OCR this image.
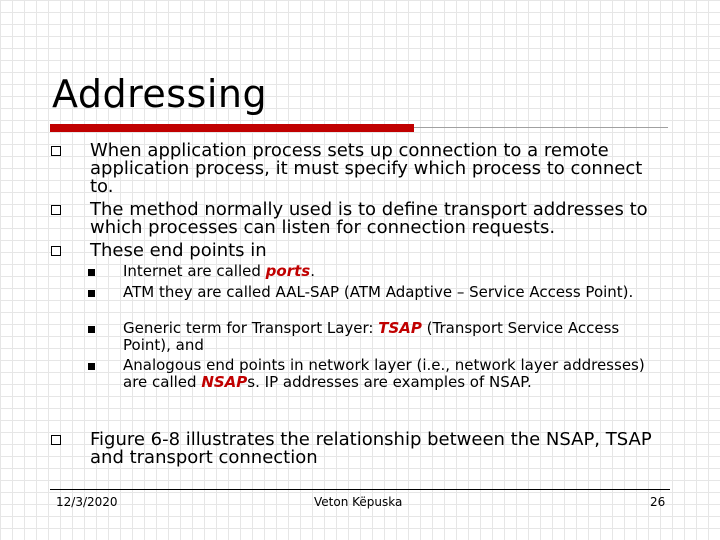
Addressing
When application process sets up connection to a remote application process, it must specify which process to connect to.
The method normally used is to define transport addresses to which processes can listen for connection requests.
These end points in
Internet are called ports.
ATM they are called AAL-SAP (ATM Adaptive – Service Access Point).
Generic term for Transport Layer: TSAP (Transport Service Access Point), and
Analogous end points in network layer (i.e., network layer addresses) are called NSAPs. IP addresses are examples of NSAP.
Figure 6-8 illustrates the relationship between the NSAP, TSAP and transport connection
12/3/2020	Veton Këpuska	26
